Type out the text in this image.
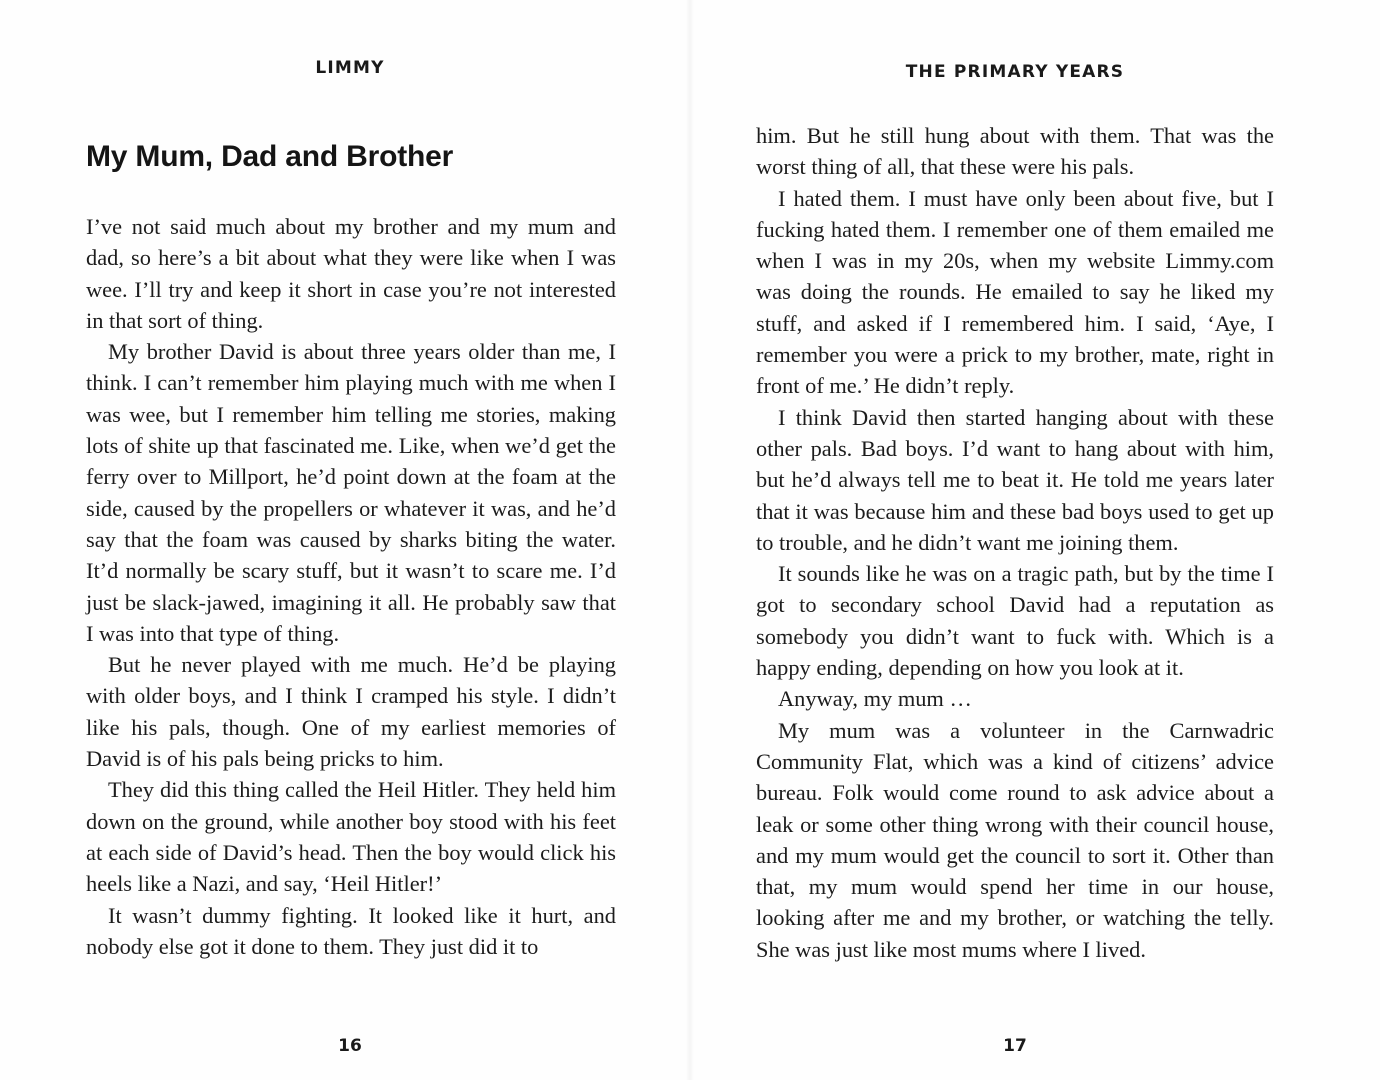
LIMMY
My Mum, Dad and Brother

I’ve not said much about my brother and my mum and dad, so here’s a bit about what they were like when I was wee. I’ll try and keep it short in case you’re not interested in that sort of thing.

My brother David is about three years older than me, I think. I can’t remember him playing much with me when I was wee, but I remember him telling me stories, making lots of shite up that fascinated me. Like, when we’d get the ferry over to Millport, he’d point down at the foam at the side, caused by the propellers or whatever it was, and he’d say that the foam was caused by sharks biting the water. It’d normally be scary stuff, but it wasn’t to scare me. I’d just be slack-jawed, imagining it all. He probably saw that I was into that type of thing.

But he never played with me much. He’d be playing with older boys, and I think I cramped his style. I didn’t like his pals, though. One of my earliest memories of David is of his pals being pricks to him.

They did this thing called the Heil Hitler. They held him down on the ground, while another boy stood with his feet at each side of David’s head. Then the boy would click his heels like a Nazi, and say, ‘Heil Hitler!’

It wasn’t dummy fighting. It looked like it hurt, and nobody else got it done to them. They just did it to

16
THE PRIMARY YEARS

him. But he still hung about with them. That was the worst thing of all, that these were his pals.

I hated them. I must have only been about five, but I fucking hated them. I remember one of them emailed me when I was in my 20s, when my website Limmy.com was doing the rounds. He emailed to say he liked my stuff, and asked if I remembered him. I said, ‘Aye, I remember you were a prick to my brother, mate, right in front of me.’ He didn’t reply.

I think David then started hanging about with these other pals. Bad boys. I’d want to hang about with him, but he’d always tell me to beat it. He told me years later that it was because him and these bad boys used to get up to trouble, and he didn’t want me joining them.

It sounds like he was on a tragic path, but by the time I got to secondary school David had a reputation as somebody you didn’t want to fuck with. Which is a happy ending, depending on how you look at it.

Anyway, my mum …

My mum was a volunteer in the Carnwadric Community Flat, which was a kind of citizens’ advice bureau. Folk would come round to ask advice about a leak or some other thing wrong with their council house, and my mum would get the council to sort it. Other than that, my mum would spend her time in our house, looking after me and my brother, or watching the telly. She was just like most mums where I lived.

17
